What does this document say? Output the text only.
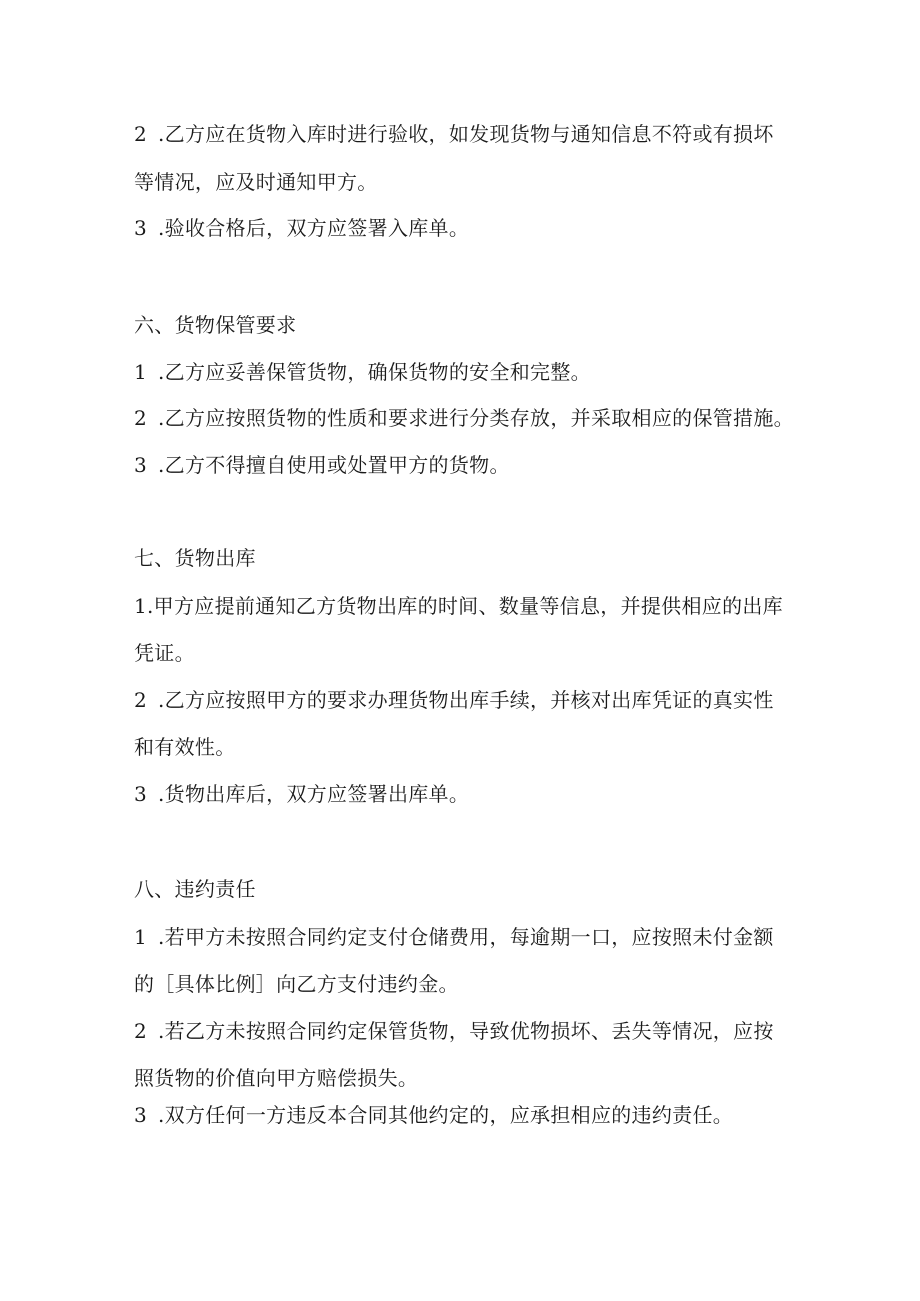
2 .乙方应在货物入库时进行验收，如发现货物与通知信息不符或有损坏
等情况，应及时通知甲方。
3 .验收合格后，双方应签署入库单。
六、货物保管要求
1 .乙方应妥善保管货物，确保货物的安全和完整。
2 .乙方应按照货物的性质和要求进行分类存放，并采取相应的保管措施。
3 .乙方不得擅自使用或处置甲方的货物。
七、货物出库
1.甲方应提前通知乙方货物出库的时间、数量等信息，并提供相应的出库
凭证。
2 .乙方应按照甲方的要求办理货物出库手续，并核对出库凭证的真实性
和有效性。
3 .货物出库后，双方应签署出库单。
八、违约责任
1 .若甲方未按照合同约定支付仓储费用，每逾期一口，应按照未付金额
的［具体比例］向乙方支付违约金。
2 .若乙方未按照合同约定保管货物，导致优物损坏、丢失等情况，应按
照货物的价值向甲方赔偿损失。
3 .双方任何一方违反本合同其他约定的，应承担相应的违约责任。
